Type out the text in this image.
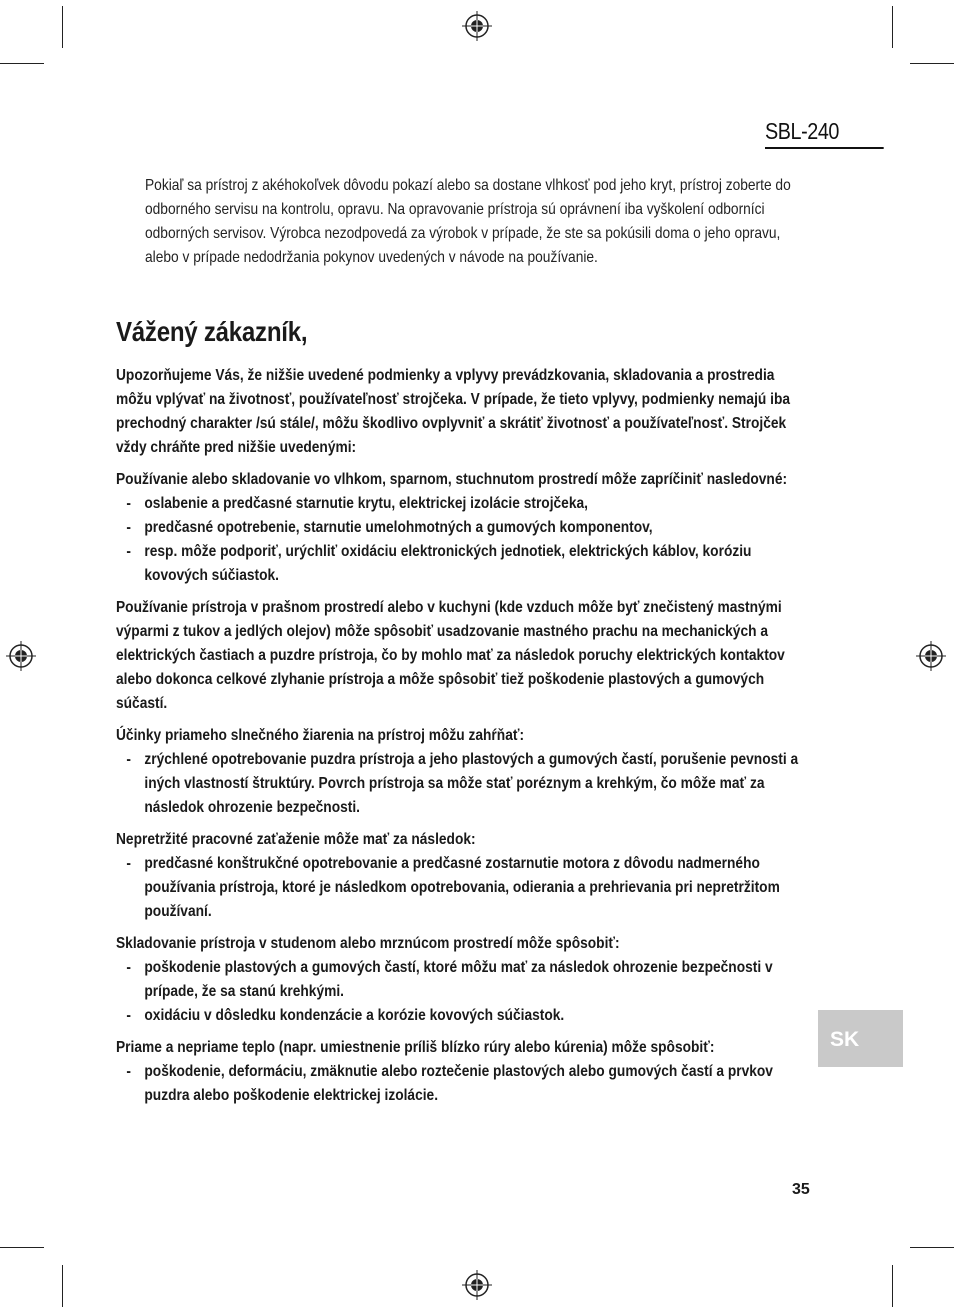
SBL-240
Pokiaľ sa prístroj z akéhokoľvek dôvodu pokazí alebo sa dostane vlhkosť pod jeho kryt, prístroj zoberte do odborného servisu na kontrolu, opravu. Na opravovanie prístroja sú oprávnení iba vyškolení odborníci odborných servisov. Výrobca nezodpovedá za výrobok v prípade, že ste sa pokúsili doma o jeho opravu, alebo v prípade nedodržania pokynov uvedených v návode na používanie.
Vážený zákazník,

Upozorňujeme Vás, že nižšie uvedené podmienky a vplyvy prevádzkovania, skladovania a prostredia môžu vplývať na životnosť, používateľnosť strojčeka. V prípade, že tieto vplyvy, podmienky nemajú iba prechodný charakter /sú stále/, môžu škodlivo ovplyvniť a skrátiť životnosť a používateľnosť. Strojček vždy chráňte pred nižšie uvedenými:

Používanie alebo skladovanie vo vlhkom, sparnom, stuchnutom prostredí môže zapríčiniť nasledovné:

- oslabenie a predčasné starnutie krytu, elektrickej izolácie strojčeka,
- predčasné opotrebenie, starnutie umelohmotných a gumových komponentov,
- resp. môže podporiť, urýchliť oxidáciu elektronických jednotiek, elektrických káblov, koróziu kovových súčiastok.

Používanie prístroja v prašnom prostredí alebo v kuchyni (kde vzduch môže byť znečistený mastnými výparmi z tukov a jedlých olejov) môže spôsobiť usadzovanie mastného prachu na mechanických a elektrických častiach a puzdre prístroja, čo by mohlo mať za následok poruchy elektrických kontaktov alebo dokonca celkové zlyhanie prístroja a môže spôsobiť tiež poškodenie plastových a gumových súčastí.

Účinky priameho slnečného žiarenia na prístroj môžu zahŕňať:

- zrýchlené opotrebovanie puzdra prístroja a jeho plastových a gumových častí, porušenie pevnosti a iných vlastností štruktúry. Povrch prístroja sa môže stať poréznym a krehkým, čo môže mať za následok ohrozenie bezpečnosti.

Nepretržité pracovné zaťaženie môže mať za následok:

- predčasné konštrukčné opotrebovanie a predčasné zostarnutie motora z dôvodu nadmerného používania prístroja, ktoré je následkom opotrebovania, odierania a prehrievania pri nepretržitom používaní.

Skladovanie prístroja v studenom alebo mrznúcom prostredí môže spôsobiť:

- poškodenie plastových a gumových častí, ktoré môžu mať za následok ohrozenie bezpečnosti v prípade, že sa stanú krehkými.
- oxidáciu v dôsledku kondenzácie a korózie kovových súčiastok.

Priame a nepriame teplo (napr. umiestnenie príliš blízko rúry alebo kúrenia) môže spôsobiť:

- poškodenie, deformáciu, zmäknutie alebo roztečenie plastových alebo gumových častí a prvkov puzdra alebo poškodenie elektrickej izolácie.
SK
35
